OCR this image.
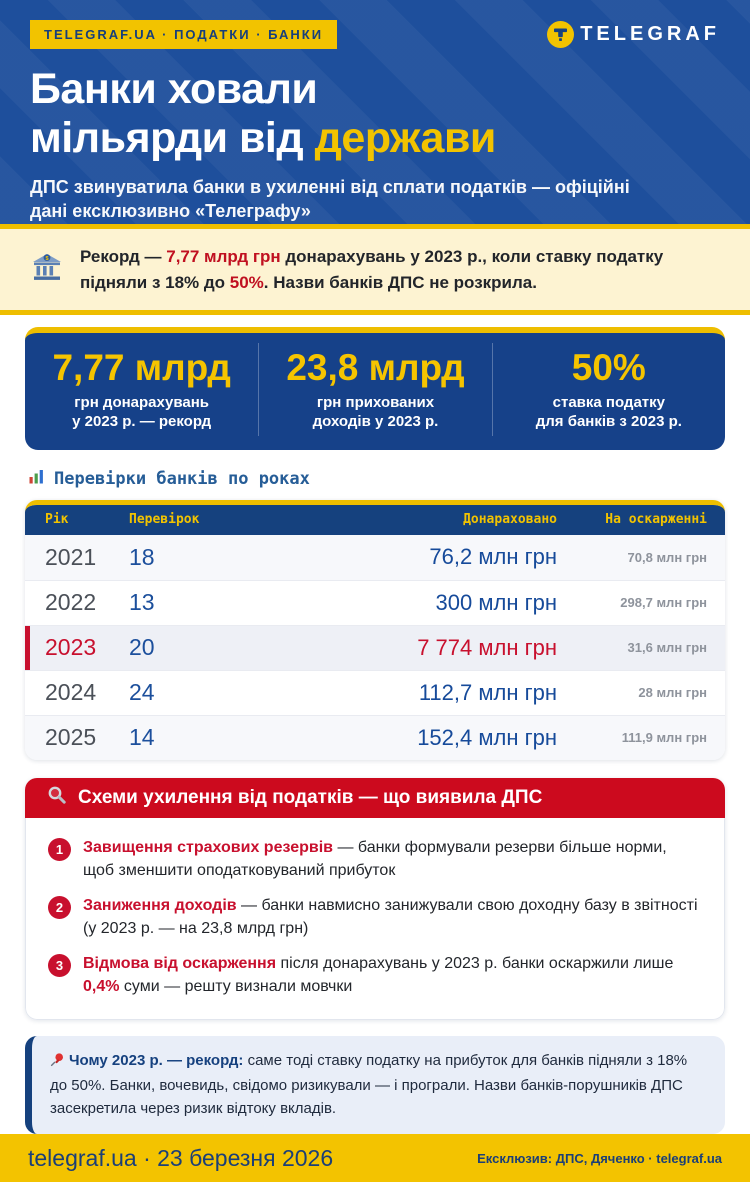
TELEGRAF.UA · ПОДАТКИ · БАНКИ	TELEGRAF
Банки ховали
мільярди від держави
ДПС звинуватила банки в ухиленні від сплати податків — офіційні дані ексклюзивно «Телеграфу»
$ Рекорд — 7,77 млрд грн донарахувань у 2023 р., коли ставку податку підняли з 18% до 50%. Назви банків ДПС не розкрила.
7,77 млрд
грн донарахувань
у 2023 р. — рекорд
23,8 млрд
грн прихованих
доходів у 2023 р.
50%
ставка податку
для банків з 2023 р.
Перевірки банків по роках
Рік	Перевірок	Донараховано	На оскарженні
2021	18	76,2 млн грн	70,8 млн грн
2022	13	300 млн грн	298,7 млн грн
2023	20	7 774 млн грн	31,6 млн грн
2024	24	112,7 млн грн	28 млн грн
2025	14	152,4 млн грн	111,9 млн грн
Схеми ухилення від податків — що виявила ДПС
1	Завищення страхових резервів — банки формували резерви більше норми, щоб зменшити оподатковуваний прибуток
2	Заниження доходів — банки навмисно занижували свою доходну базу в звітності (у 2023 р. — на 23,8 млрд грн)
3	Відмова від оскарження після донарахувань у 2023 р. банки оскаржили лише 0,4% суми — решту визнали мовчки
Чому 2023 р. — рекорд: саме тоді ставку податку на прибуток для банків підняли з 18% до 50%. Банки, вочевидь, свідомо ризикували — і програли. Назви банків-порушників ДПС засекретила через ризик відтоку вкладів.
telegraf.ua · 23 березня 2026	Ексклюзив: ДПС, Дяченко · telegraf.ua
